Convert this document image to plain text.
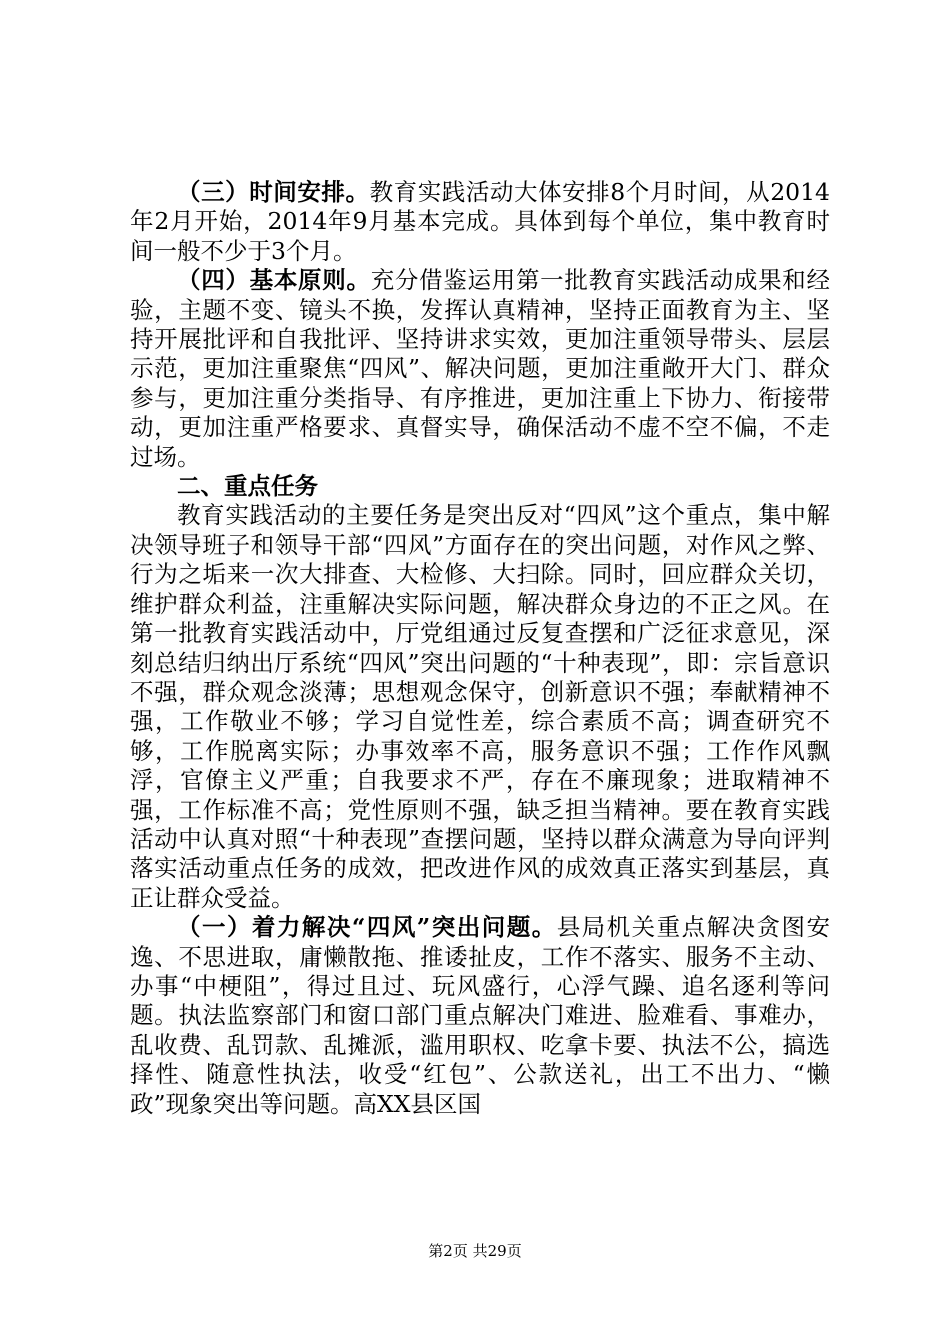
（三）时间安排。教育实践活动大体安排8个月时间，从2014年2月开始，2014年9月基本完成。具体到每个单位，集中教育时间一般不少于3个月。

（四）基本原则。充分借鉴运用第一批教育实践活动成果和经验，主题不变、镜头不换，发挥认真精神，坚持正面教育为主、坚持开展批评和自我批评、坚持讲求实效，更加注重领导带头、层层示范，更加注重聚焦“四风”、解决问题，更加注重敞开大门、群众参与，更加注重分类指导、有序推进，更加注重上下协力、衔接带动，更加注重严格要求、真督实导，确保活动不虚不空不偏，不走过场。

二、重点任务

教育实践活动的主要任务是突出反对“四风”这个重点，集中解决领导班子和领导干部“四风”方面存在的突出问题，对作风之弊、行为之垢来一次大排查、大检修、大扫除。同时，回应群众关切，维护群众利益，注重解决实际问题，解决群众身边的不正之风。在第一批教育实践活动中，厅党组通过反复查摆和广泛征求意见，深刻总结归纳出厅系统“四风”突出问题的“十种表现”，即：宗旨意识不强，群众观念淡薄；思想观念保守，创新意识不强；奉献精神不强，工作敬业不够；学习自觉性差，综合素质不高；调查研究不够，工作脱离实际；办事效率不高，服务意识不强；工作作风飘浮，官僚主义严重；自我要求不严，存在不廉现象；进取精神不强，工作标准不高；党性原则不强，缺乏担当精神。要在教育实践活动中认真对照“十种表现”查摆问题，坚持以群众满意为导向评判落实活动重点任务的成效，把改进作风的成效真正落实到基层，真正让群众受益。

（一）着力解决“四风”突出问题。县局机关重点解决贪图安逸、不思进取，庸懒散拖、推诿扯皮，工作不落实、服务不主动、办事“中梗阻”，得过且过、玩风盛行，心浮气躁、追名逐利等问题。执法监察部门和窗口部门重点解决门难进、脸难看、事难办，乱收费、乱罚款、乱摊派，滥用职权、吃拿卡要、执法不公，搞选择性、随意性执法，收受“红包”、公款送礼，出工不出力、“懒政”现象突出等问题。高XX县区国

第2页 共29页
